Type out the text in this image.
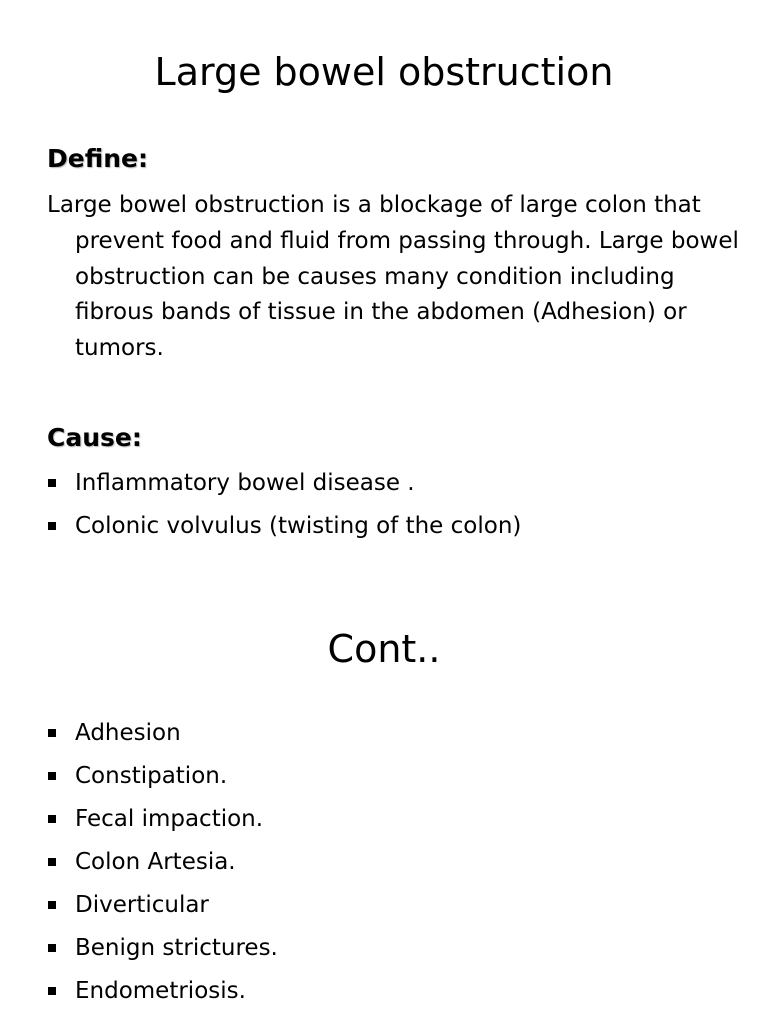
Large bowel obstruction
Define:

Large bowel obstruction is a blockage of large colon that prevent food and fluid from passing through. Large bowel obstruction can be causes many condition including fibrous bands of tissue in the abdomen (Adhesion) or tumors.

Cause:
Inflammatory bowel disease .
Colonic volvulus (twisting of the colon)
Cont..
Adhesion
Constipation.
Fecal impaction.
Colon Artesia.
Diverticular
Benign strictures.
Endometriosis.
